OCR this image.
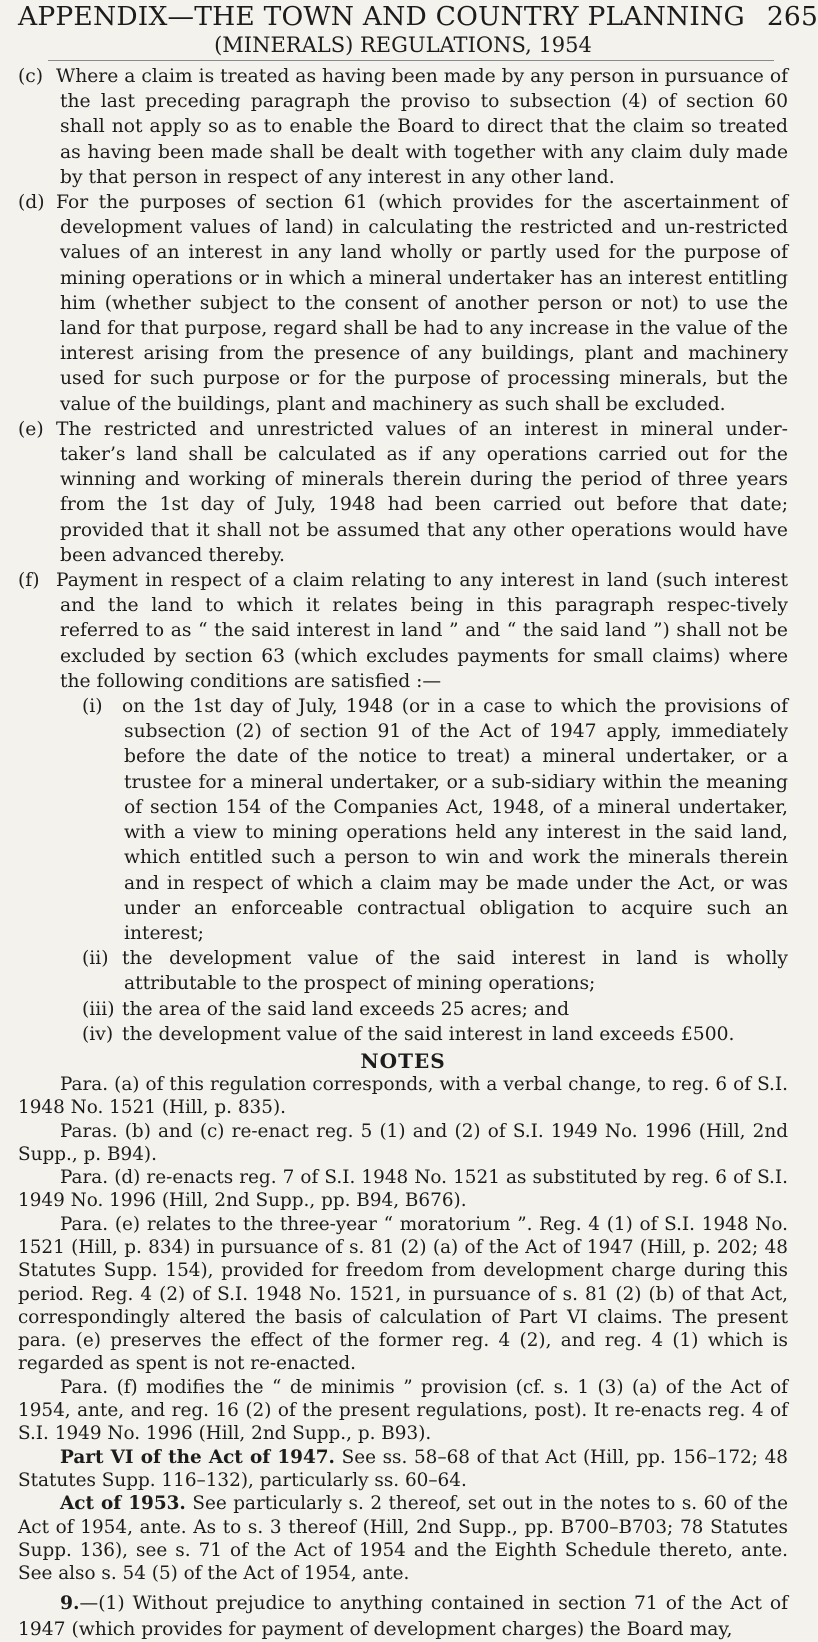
APPENDIX—THE TOWN AND COUNTRY PLANNING 265
(MINERALS) REGULATIONS, 1954

(c) Where a claim is treated as having been made by any person in pursuance of the last preceding paragraph the proviso to subsection (4) of section 60 shall not apply so as to enable the Board to direct that the claim so treated as having been made shall be dealt with together with any claim duly made by that person in respect of any interest in any other land.

(d) For the purposes of section 61 (which provides for the ascertainment of development values of land) in calculating the restricted and un-restricted values of an interest in any land wholly or partly used for the purpose of mining operations or in which a mineral undertaker has an interest entitling him (whether subject to the consent of another person or not) to use the land for that purpose, regard shall be had to any increase in the value of the interest arising from the presence of any buildings, plant and machinery used for such purpose or for the purpose of processing minerals, but the value of the buildings, plant and machinery as such shall be excluded.

(e) The restricted and unrestricted values of an interest in mineral under-taker’s land shall be calculated as if any operations carried out for the winning and working of minerals therein during the period of three years from the 1st day of July, 1948 had been carried out before that date; provided that it shall not be assumed that any other operations would have been advanced thereby.

(f) Payment in respect of a claim relating to any interest in land (such interest and the land to which it relates being in this paragraph respec-tively referred to as “ the said interest in land ” and “ the said land ”) shall not be excluded by section 63 (which excludes payments for small claims) where the following conditions are satisfied :—

(i) on the 1st day of July, 1948 (or in a case to which the provisions of subsection (2) of section 91 of the Act of 1947 apply, immediately before the date of the notice to treat) a mineral undertaker, or a trustee for a mineral undertaker, or a sub-sidiary within the meaning of section 154 of the Companies Act, 1948, of a mineral undertaker, with a view to mining operations held any interest in the said land, which entitled such a person to win and work the minerals therein and in respect of which a claim may be made under the Act, or was under an enforceable contractual obligation to acquire such an interest;

(ii) the development value of the said interest in land is wholly attributable to the prospect of mining operations;

(iii) the area of the said land exceeds 25 acres; and

(iv) the development value of the said interest in land exceeds £500.

NOTES

Para. (a) of this regulation corresponds, with a verbal change, to reg. 6 of S.I. 1948 No. 1521 (Hill, p. 835).

Paras. (b) and (c) re-enact reg. 5 (1) and (2) of S.I. 1949 No. 1996 (Hill, 2nd Supp., p. B94).

Para. (d) re-enacts reg. 7 of S.I. 1948 No. 1521 as substituted by reg. 6 of S.I. 1949 No. 1996 (Hill, 2nd Supp., pp. B94, B676).

Para. (e) relates to the three-year “ moratorium ”. Reg. 4 (1) of S.I. 1948 No. 1521 (Hill, p. 834) in pursuance of s. 81 (2) (a) of the Act of 1947 (Hill, p. 202; 48 Statutes Supp. 154), provided for freedom from development charge during this period. Reg. 4 (2) of S.I. 1948 No. 1521, in pursuance of s. 81 (2) (b) of that Act, correspondingly altered the basis of calculation of Part VI claims. The present para. (e) preserves the effect of the former reg. 4 (2), and reg. 4 (1) which is regarded as spent is not re-enacted.

Para. (f) modifies the “ de minimis ” provision (cf. s. 1 (3) (a) of the Act of 1954, ante, and reg. 16 (2) of the present regulations, post). It re-enacts reg. 4 of S.I. 1949 No. 1996 (Hill, 2nd Supp., p. B93).

Part VI of the Act of 1947. See ss. 58–68 of that Act (Hill, pp. 156–172; 48 Statutes Supp. 116–132), particularly ss. 60–64.

Act of 1953. See particularly s. 2 thereof, set out in the notes to s. 60 of the Act of 1954, ante. As to s. 3 thereof (Hill, 2nd Supp., pp. B700–B703; 78 Statutes Supp. 136), see s. 71 of the Act of 1954 and the Eighth Schedule thereto, ante. See also s. 54 (5) of the Act of 1954, ante.

9.—(1) Without prejudice to anything contained in section 71 of the Act of 1947 (which provides for payment of development charges) the Board may,
